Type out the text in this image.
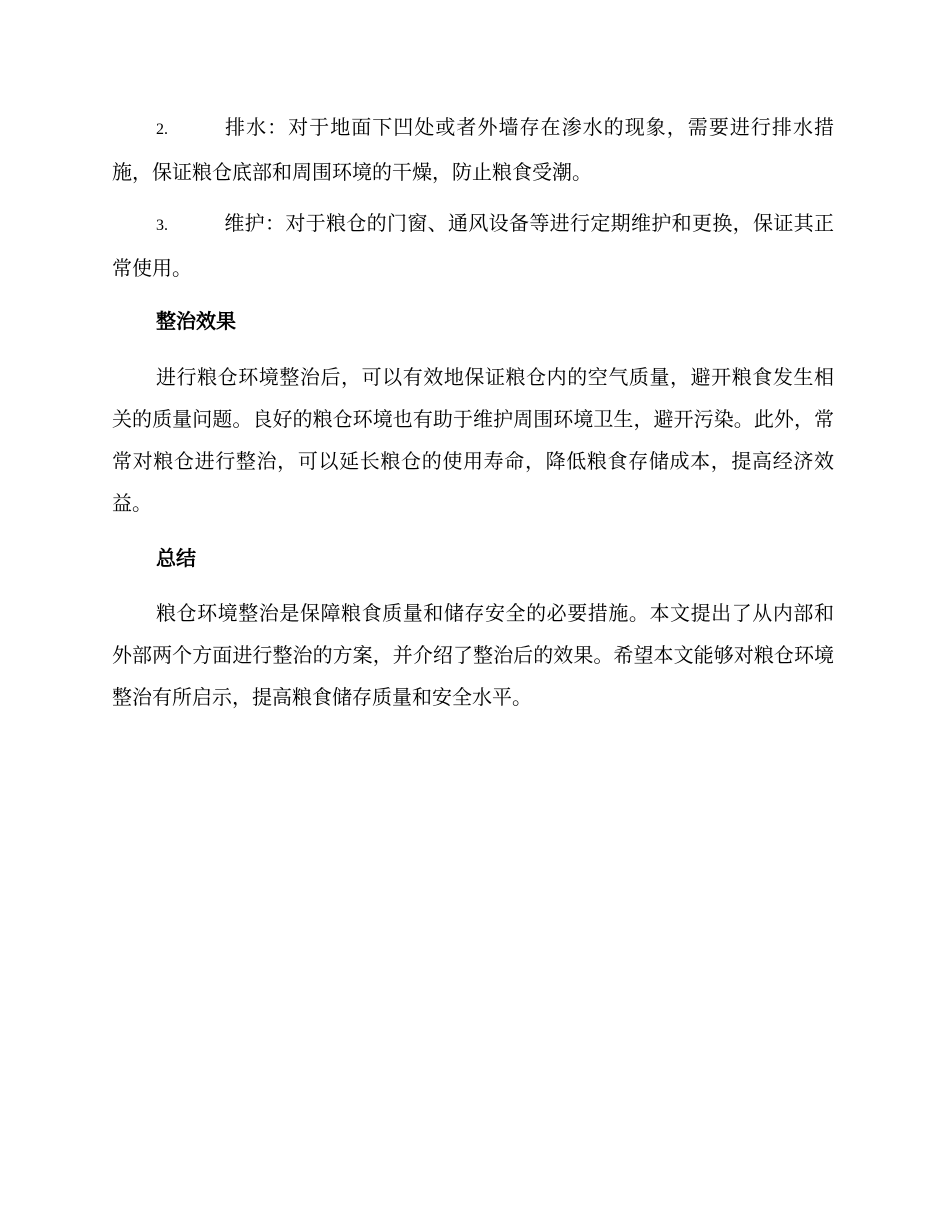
2.	排水：对于地面下凹处或者外墙存在渗水的现象，需要进行排水措施，保证粮仓底部和周围环境的干燥，防止粮食受潮。
3.	维护：对于粮仓的门窗、通风设备等进行定期维护和更换，保证其正常使用。
整治效果
进行粮仓环境整治后，可以有效地保证粮仓内的空气质量，避开粮食发生相关的质量问题。良好的粮仓环境也有助于维护周围环境卫生，避开污染。此外，常常对粮仓进行整治，可以延长粮仓的使用寿命，降低粮食存储成本，提高经济效益。
总结
粮仓环境整治是保障粮食质量和储存安全的必要措施。本文提出了从内部和外部两个方面进行整治的方案，并介绍了整治后的效果。希望本文能够对粮仓环境整治有所启示，提高粮食储存质量和安全水平。
